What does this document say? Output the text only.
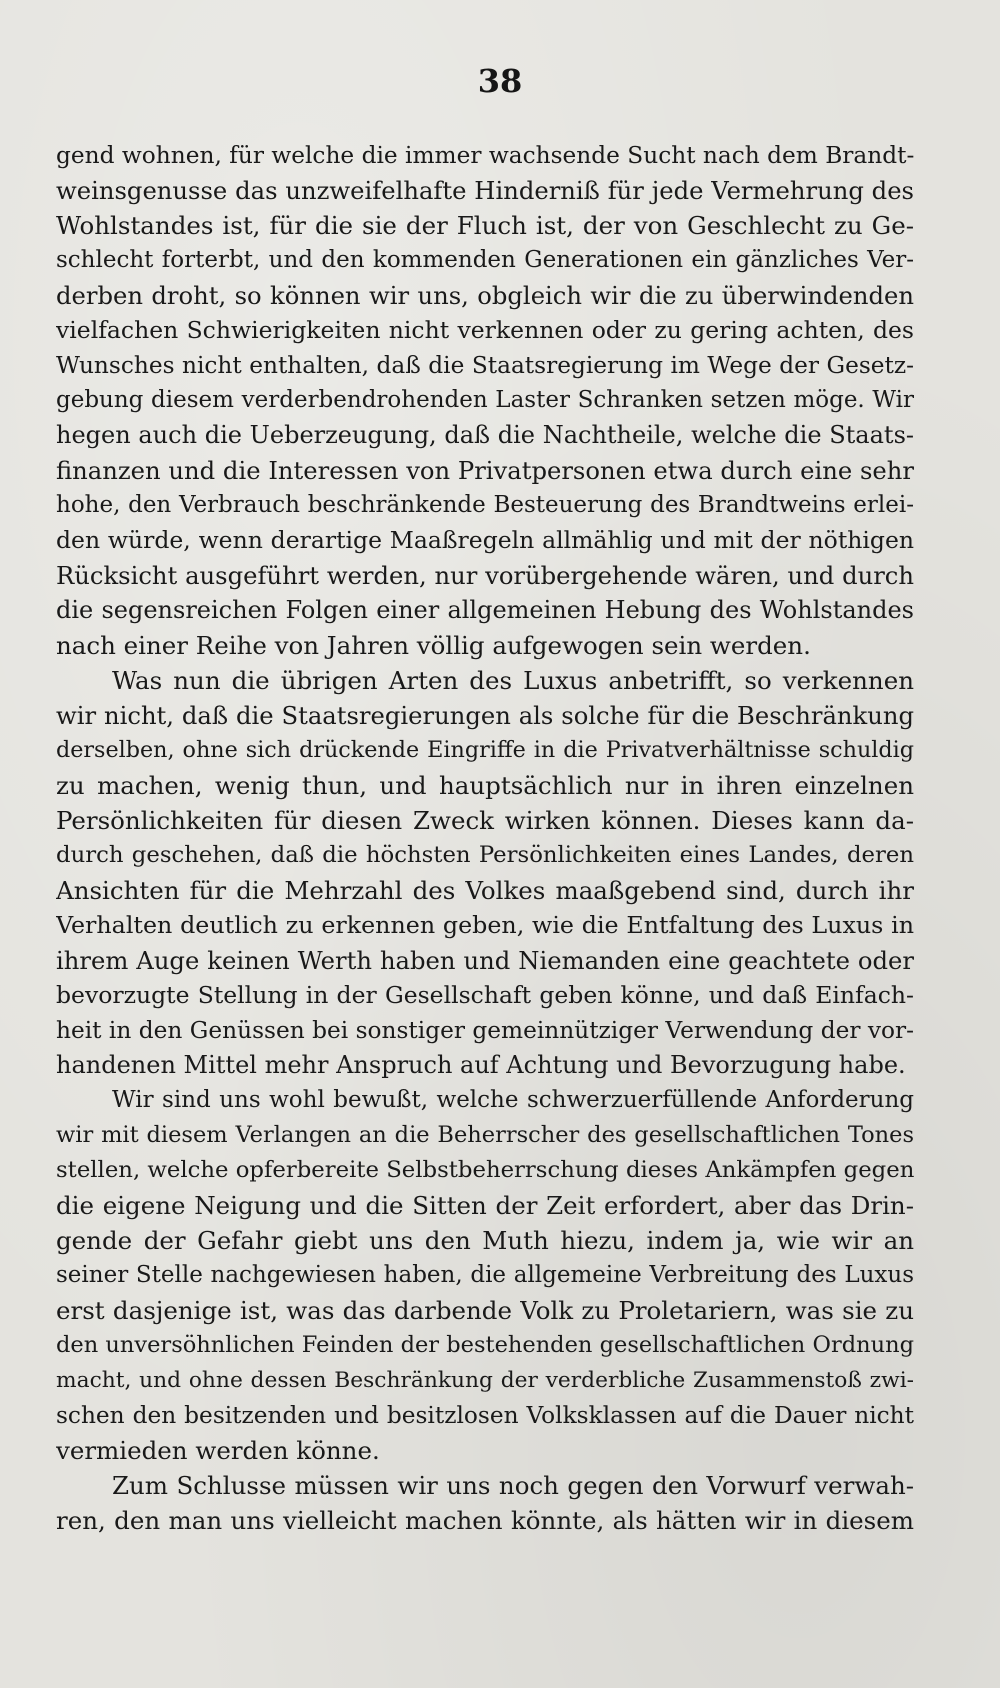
38
gend wohnen, für welche die immer wachsende Sucht nach dem Brandt-
weinsgenusse das unzweifelhafte Hinderniß für jede Vermehrung des
Wohlstandes ist, für die sie der Fluch ist, der von Geschlecht zu Ge-
schlecht forterbt, und den kommenden Generationen ein gänzliches Ver-
derben droht, so können wir uns, obgleich wir die zu überwindenden
vielfachen Schwierigkeiten nicht verkennen oder zu gering achten, des
Wunsches nicht enthalten, daß die Staatsregierung im Wege der Gesetz-
gebung diesem verderbendrohenden Laster Schranken setzen möge. Wir
hegen auch die Ueberzeugung, daß die Nachtheile, welche die Staats-
finanzen und die Interessen von Privatpersonen etwa durch eine sehr
hohe, den Verbrauch beschränkende Besteuerung des Brandtweins erlei-
den würde, wenn derartige Maaßregeln allmählig und mit der nöthigen
Rücksicht ausgeführt werden, nur vorübergehende wären, und durch
die segensreichen Folgen einer allgemeinen Hebung des Wohlstandes
nach einer Reihe von Jahren völlig aufgewogen sein werden.
Was nun die übrigen Arten des Luxus anbetrifft, so verkennen
wir nicht, daß die Staatsregierungen als solche für die Beschränkung
derselben, ohne sich drückende Eingriffe in die Privatverhältnisse schuldig
zu machen, wenig thun, und hauptsächlich nur in ihren einzelnen
Persönlichkeiten für diesen Zweck wirken können. Dieses kann da-
durch geschehen, daß die höchsten Persönlichkeiten eines Landes, deren
Ansichten für die Mehrzahl des Volkes maaßgebend sind, durch ihr
Verhalten deutlich zu erkennen geben, wie die Entfaltung des Luxus in
ihrem Auge keinen Werth haben und Niemanden eine geachtete oder
bevorzugte Stellung in der Gesellschaft geben könne, und daß Einfach-
heit in den Genüssen bei sonstiger gemeinnütziger Verwendung der vor-
handenen Mittel mehr Anspruch auf Achtung und Bevorzugung habe.
Wir sind uns wohl bewußt, welche schwerzuerfüllende Anforderung
wir mit diesem Verlangen an die Beherrscher des gesellschaftlichen Tones
stellen, welche opferbereite Selbstbeherrschung dieses Ankämpfen gegen
die eigene Neigung und die Sitten der Zeit erfordert, aber das Drin-
gende der Gefahr giebt uns den Muth hiezu, indem ja, wie wir an
seiner Stelle nachgewiesen haben, die allgemeine Verbreitung des Luxus
erst dasjenige ist, was das darbende Volk zu Proletariern, was sie zu
den unversöhnlichen Feinden der bestehenden gesellschaftlichen Ordnung
macht, und ohne dessen Beschränkung der verderbliche Zusammenstoß zwi-
schen den besitzenden und besitzlosen Volksklassen auf die Dauer nicht
vermieden werden könne.
Zum Schlusse müssen wir uns noch gegen den Vorwurf verwah-
ren, den man uns vielleicht machen könnte, als hätten wir in diesem
